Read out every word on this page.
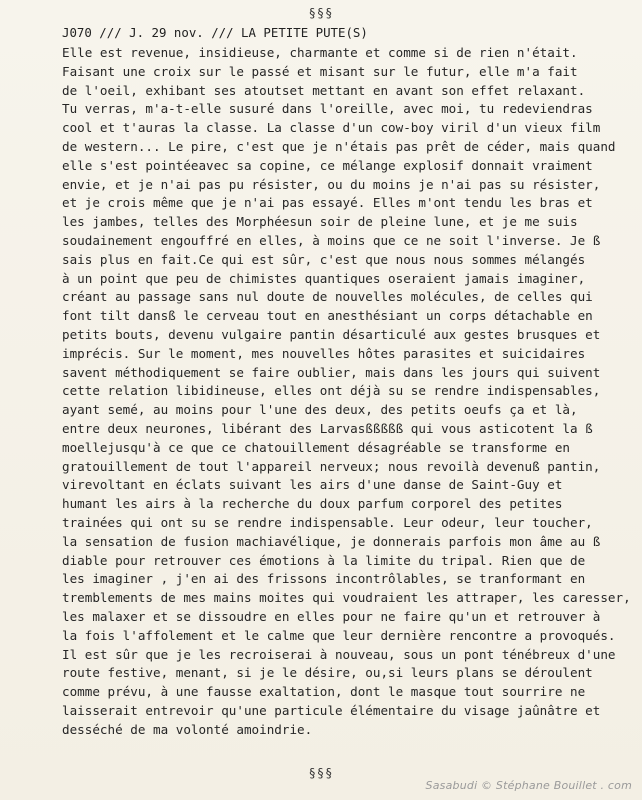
§§§
J070 /// J. 29 nov. /// LA PETITE PUTE(S)
Elle est revenue, insidieuse, charmante et comme si de rien n'était.
Faisant une croix sur le passé et misant sur le futur, elle m'a fait
de l'oeil, exhibant ses atoutset mettant en avant son effet relaxant.
Tu verras, m'a-t-elle susuré dans l'oreille, avec moi, tu redeviendras
cool et t'auras la classe. La classe d'un cow-boy viril d'un vieux film
de western... Le pire, c'est que je n'étais pas prêt de céder, mais quand
elle s'est pointéeavec sa copine, ce mélange explosif donnait vraiment
envie, et je n'ai pas pu résister, ou du moins je n'ai pas su résister,
et je crois même que je n'ai pas essayé. Elles m'ont tendu les bras et
les jambes, telles des Morphéesun soir de pleine lune, et je me suis
soudainement engouffré en elles, à moins que ce ne soit l'inverse. Je ß
sais plus en fait.Ce qui est sûr, c'est que nous nous sommes mélangés
à un point que peu de chimistes quantiques oseraient jamais imaginer,
créant au passage sans nul doute de nouvelles molécules, de celles qui
font tilt dansß le cerveau tout en anesthésiant un corps détachable en
petits bouts, devenu vulgaire pantin désarticulé aux gestes brusques et
imprécis. Sur le moment, mes nouvelles hôtes parasites et suicidaires
savent méthodiquement se faire oublier, mais dans les jours qui suivent
cette relation libidineuse, elles ont déjà su se rendre indispensables,
ayant semé, au moins pour l'une des deux, des petits oeufs ça et là,
entre deux neurones, libérant des Larvasßßßßß qui vous asticotent la ß
moellejusqu'à ce que ce chatouillement désagréable se transforme en
gratouillement de tout l'appareil nerveux; nous revoilà devenuß pantin,
virevoltant en éclats suivant les airs d'une danse de Saint-Guy et
humant les airs à la recherche du doux parfum corporel des petites
trainées qui ont su se rendre indispensable. Leur odeur, leur toucher,
la sensation de fusion machiavélique, je donnerais parfois mon âme au ß
diable pour retrouver ces émotions à la limite du tripal. Rien que de
les imaginer , j'en ai des frissons incontrôlables, se tranformant en
tremblements de mes mains moites qui voudraient les attraper, les caresser,
les malaxer et se dissoudre en elles pour ne faire qu'un et retrouver à
la fois l'affolement et le calme que leur dernière rencontre a provoqués.
Il est sûr que je les recroiserai à nouveau, sous un pont ténébreux d'une
route festive, menant, si je le désire, ou,si leurs plans se déroulent
comme prévu, à une fausse exaltation, dont le masque tout sourrire ne
laisserait entrevoir qu'une particule élémentaire du visage jaûnâtre et
desséché de ma volonté amoindrie.
§§§
Sasabudi © Stéphane Bouillet . com
